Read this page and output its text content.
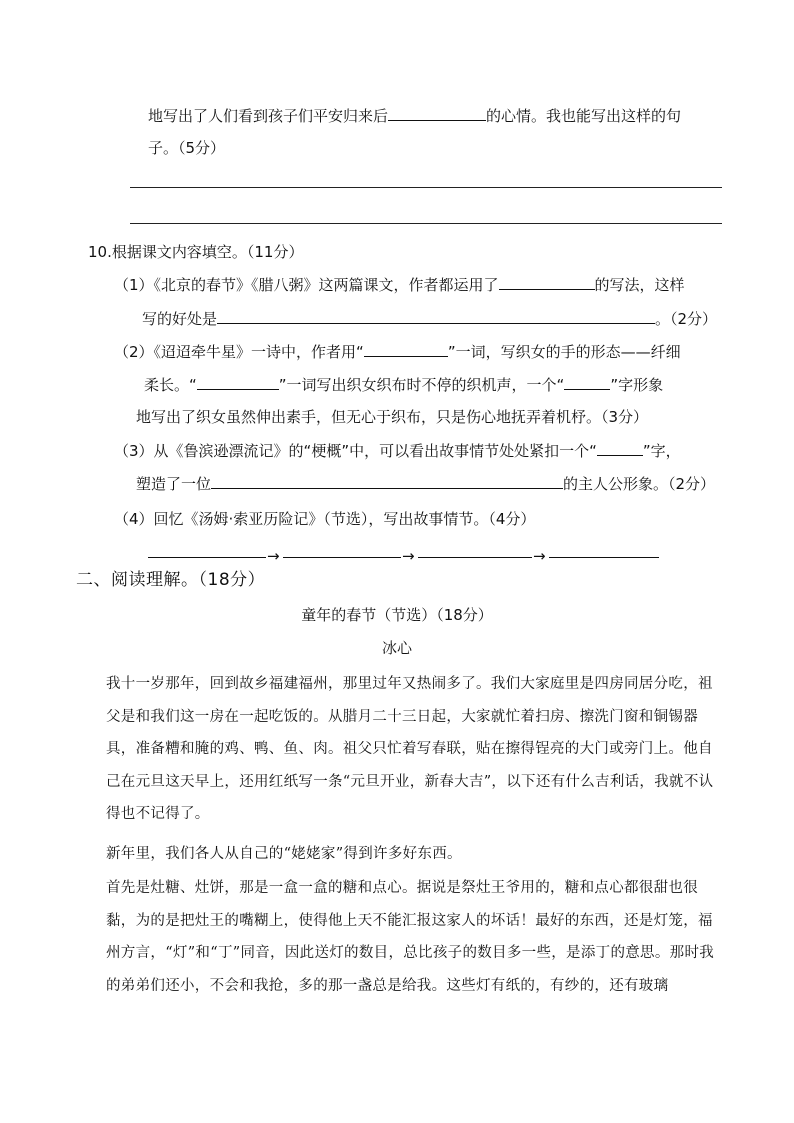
地写出了人们看到孩子们平安归来后	的心情。我也能写出这样的句
子。（5分）
10.根据课文内容填空。（11分）
（1）《北京的春节》《腊八粥》这两篇课文，作者都运用了	的写法，这样
写的好处是	。（2分）
（2）《迢迢牵牛星》一诗中，作者用“	”一词，写织女的手的形态——纤细
柔长。“	”一词写出织女织布时不停的织机声，一个“	”字形象
地写出了织女虽然伸出素手，但无心于织布，只是伤心地抚弄着机杼。（3分）
（3）从《鲁滨逊漂流记》的“梗概”中，可以看出故事情节处处紧扣一个“	”字，
塑造了一位	的主人公形象。（2分）
（4）回忆《汤姆·索亚历险记》（节选），写出故事情节。（4分）
→	→	→
二、阅读理解。（18分）
童年的春节（节选）（18分）
冰心
我十一岁那年，回到故乡福建福州，那里过年又热闹多了。我们大家庭里是四房同居分吃，祖父是和我们这一房在一起吃饭的。从腊月二十三日起，大家就忙着扫房、擦洗门窗和铜锡器具，准备糟和腌的鸡、鸭、鱼、肉。祖父只忙着写春联，贴在擦得锃亮的大门或旁门上。他自己在元旦这天早上，还用红纸写一条“元旦开业，新春大吉”，以下还有什么吉利话，我就不认得也不记得了。
新年里，我们各人从自己的“姥姥家”得到许多好东西。
首先是灶糖、灶饼，那是一盒一盒的糖和点心。据说是祭灶王爷用的，糖和点心都很甜也很黏，为的是把灶王的嘴糊上，使得他上天不能汇报这家人的坏话！最好的东西，还是灯笼，福州方言，“灯”和“丁”同音，因此送灯的数目，总比孩子的数目多一些，是添丁的意思。那时我的弟弟们还小，不会和我抢，多的那一盏总是给我。这些灯有纸的，有纱的，还有玻璃
